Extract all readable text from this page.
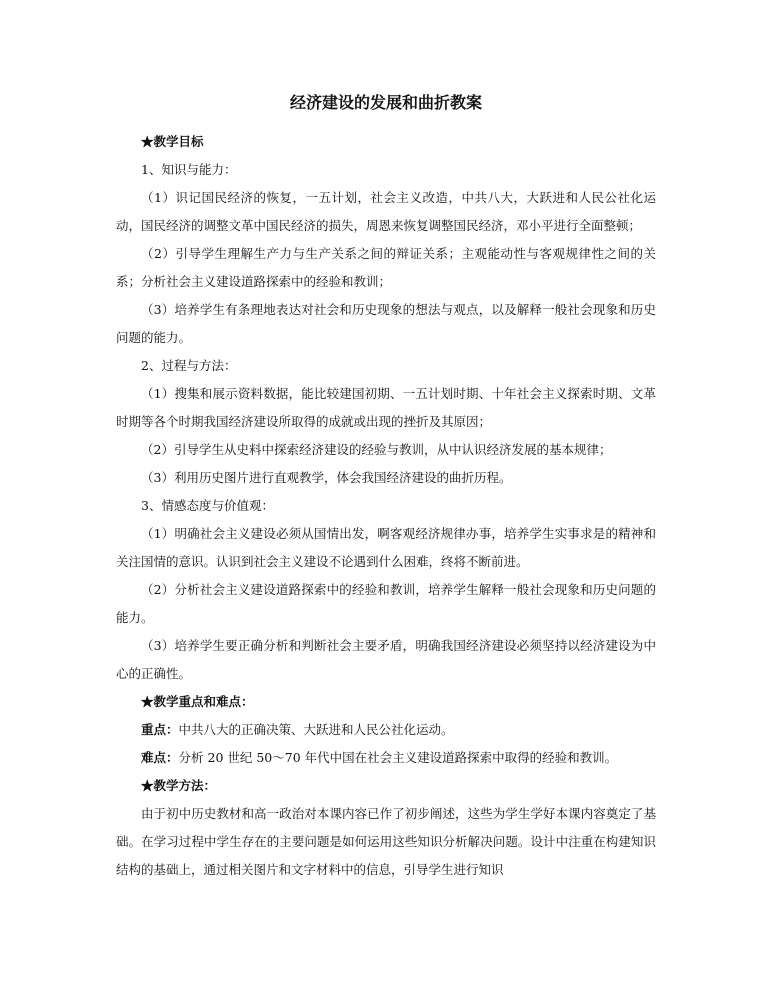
经济建设的发展和曲折教案

★教学目标

1、知识与能力：

（1）识记国民经济的恢复，一五计划，社会主义改造，中共八大，大跃进和人民公社化运动，国民经济的调整文革中国民经济的损失，周恩来恢复调整国民经济，邓小平进行全面整顿；

（2）引导学生理解生产力与生产关系之间的辩证关系；主观能动性与客观规律性之间的关系；分析社会主义建设道路探索中的经验和教训；

（3）培养学生有条理地表达对社会和历史现象的想法与观点，以及解释一般社会现象和历史问题的能力。

2、过程与方法：

（1）搜集和展示资料数据，能比较建国初期、一五计划时期、十年社会主义探索时期、文革时期等各个时期我国经济建设所取得的成就或出现的挫折及其原因；

（2）引导学生从史料中探索经济建设的经验与教训，从中认识经济发展的基本规律；

（3）利用历史图片进行直观教学，体会我国经济建设的曲折历程。

3、情感态度与价值观：

（1）明确社会主义建设必须从国情出发，啊客观经济规律办事，培养学生实事求是的精神和关注国情的意识。认识到社会主义建设不论遇到什么困难，终将不断前进。

（2）分析社会主义建设道路探索中的经验和教训，培养学生解释一般社会现象和历史问题的能力。

（3）培养学生要正确分析和判断社会主要矛盾，明确我国经济建设必须坚持以经济建设为中心的正确性。

★教学重点和难点：

重点：中共八大的正确决策、大跃进和人民公社化运动。

难点：分析 20 世纪 50～70 年代中国在社会主义建设道路探索中取得的经验和教训。

★教学方法：

由于初中历史教材和高一政治对本课内容已作了初步阐述，这些为学生学好本课内容奠定了基础。在学习过程中学生存在的主要问题是如何运用这些知识分析解决问题。设计中注重在构建知识结构的基础上，通过相关图片和文字材料中的信息，引导学生进行知识
